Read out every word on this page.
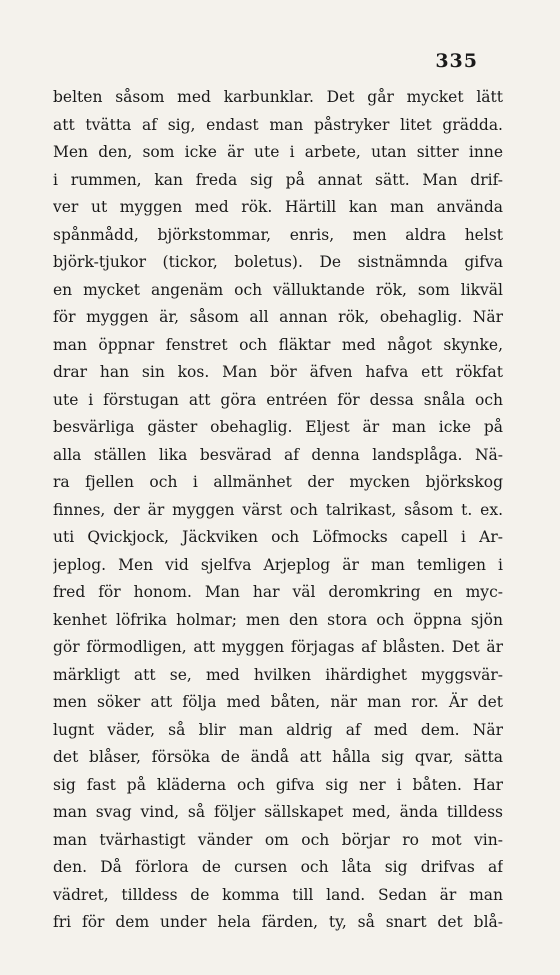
335
belten såsom med karbunklar. Det går mycket lätt
att tvätta af sig, endast man påstryker litet grädda.
Men den, som icke är ute i arbete, utan sitter inne
i rummen, kan freda sig på annat sätt. Man drif-
ver ut myggen med rök. Härtill kan man använda
spånmådd, björkstommar, enris, men aldra helst
björk-tjukor (tickor, boletus). De sistnämnda gifva
en mycket angenäm och välluktande rök, som likväl
för myggen är, såsom all annan rök, obehaglig. När
man öppnar fenstret och fläktar med något skynke,
drar han sin kos. Man bör äfven hafva ett rökfat
ute i förstugan att göra entréen för dessa snåla och
besvärliga gäster obehaglig. Eljest är man icke på
alla ställen lika besvärad af denna landsplåga. Nä-
ra fjellen och i allmänhet der mycken björkskog
finnes, der är myggen värst och talrikast, såsom t. ex.
uti Qvickjock, Jäckviken och Löfmocks capell i Ar-
jeplog. Men vid sjelfva Arjeplog är man temligen i
fred för honom. Man har väl deromkring en myc-
kenhet löfrika holmar; men den stora och öppna sjön
gör förmodligen, att myggen förjagas af blåsten. Det är
märkligt att se, med hvilken ihärdighet myggsvär-
men söker att följa med båten, när man ror. Är det
lugnt väder, så blir man aldrig af med dem. När
det blåser, försöka de ändå att hålla sig qvar, sätta
sig fast på kläderna och gifva sig ner i båten. Har
man svag vind, så följer sällskapet med, ända tilldess
man tvärhastigt vänder om och börjar ro mot vin-
den. Då förlora de cursen och låta sig drifvas af
vädret, tilldess de komma till land. Sedan är man
fri för dem under hela färden, ty, så snart det blå-
